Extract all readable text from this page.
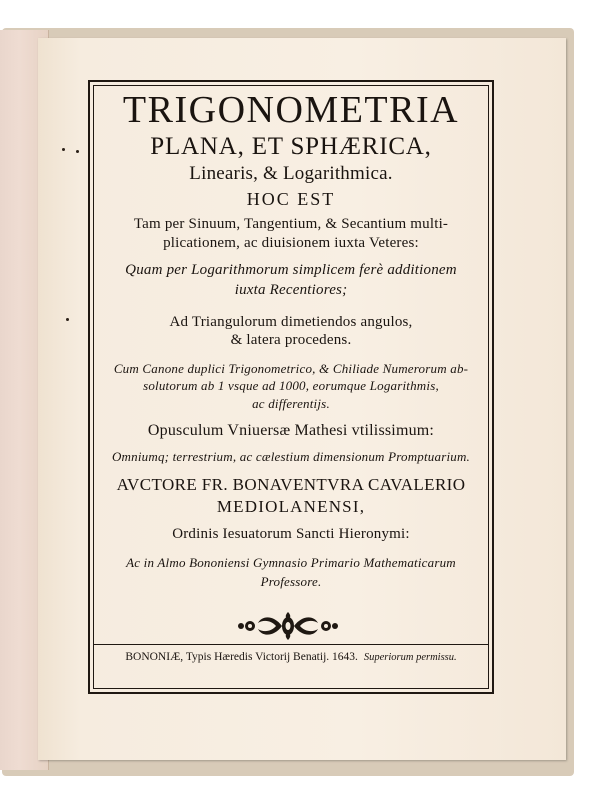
TRIGONOMETRIA
PLANA, ET SPHÆRICA,
Linearis, & Logarithmica.
HOC EST
Tam per Sinuum, Tangentium, & Secantium multi-
plicationem, ac diuisionem iuxta Veteres:
Quam per Logarithmorum simplicem ferè additionem
iuxta Recentiores;
Ad Triangulorum dimetiendos angulos,
& latera procedens.
Cum Canone duplici Trigonometrico, & Chiliade Numerorum ab-
solutorum ab 1 vsque ad 1000, eorumque Logarithmis,
ac differentijs.
Opusculum Vniuersæ Mathesi vtilissimum:
Omniumq; terrestrium, ac cælestium dimensionum Promptuarium.
AVCTORE FR. BONAVENTVRA CAVALERIO
MEDIOLANENSI,
Ordinis Iesuatorum Sancti Hieronymi:
Ac in Almo Bononiensi Gymnasio Primario Mathematicarum
Professore.
BONONIÆ, Typis Hæredis Victorij Benatij. 1643. Superiorum permissu.
